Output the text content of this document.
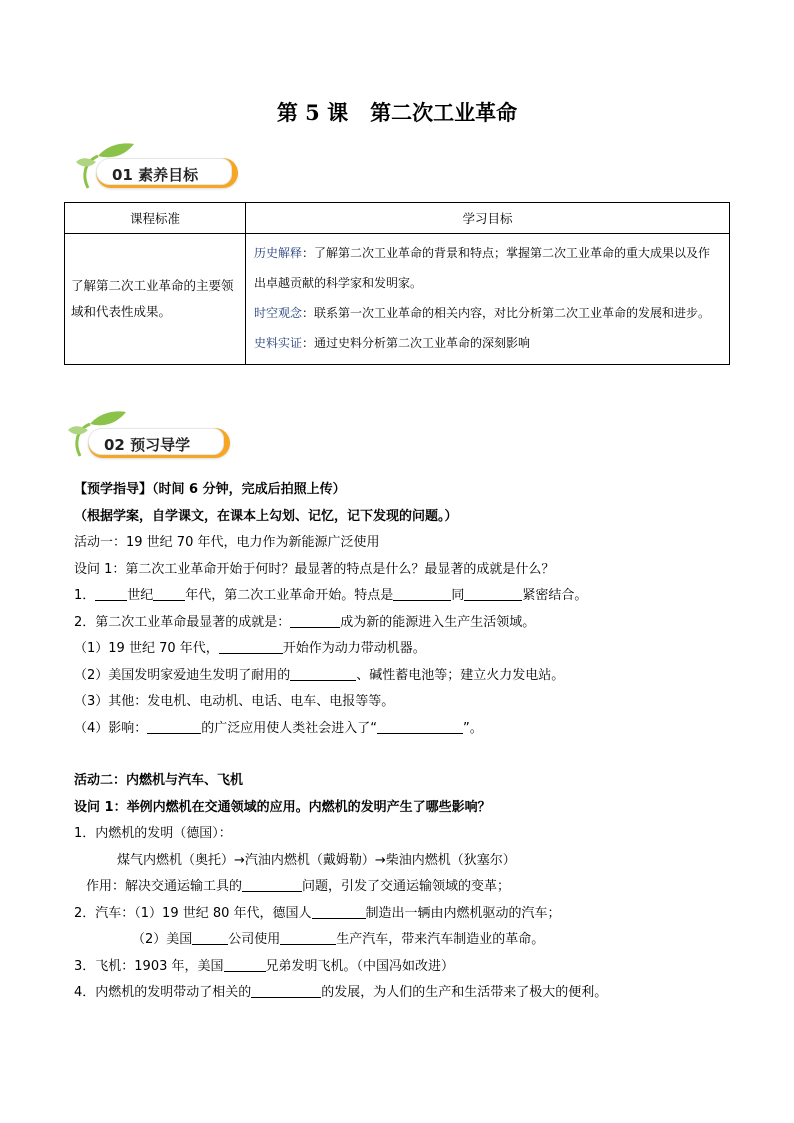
第 5 课 第二次工业革命
01 素养目标
课程标准	学习目标
了解第二次工业革命的主要领域和代表性成果。	历史解释：了解第二次工业革命的背景和特点；掌握第二次工业革命的重大成果以及作出卓越贡献的科学家和发明家。
时空观念：联系第一次工业革命的相关内容，对比分析第二次工业革命的发展和进步。
史料实证：通过史料分析第二次工业革命的深刻影响
02 预习导学
【预学指导】（时间 6 分钟，完成后拍照上传）
（根据学案，自学课文，在课本上勾划、记忆，记下发现的问题。）
活动一：19 世纪 70 年代，电力作为新能源广泛使用
设问 1：第二次工业革命开始于何时？最显著的特点是什么？最显著的成就是什么？
1． 世纪 年代，第二次工业革命开始。特点是	同	紧密结合。
2．第二次工业革命最显著的成就是：	成为新的能源进入生产生活领域。
（1）19 世纪 70 年代，	开始作为动力带动机器。
（2）美国发明家爱迪生发明了耐用的	、碱性蓄电池等；建立火力发电站。
（3）其他：发电机、电动机、电话、电车、电报等等。
（4）影响：	的广泛应用使人类社会进入了“	”。
活动二：内燃机与汽车、飞机
设问 1：举例内燃机在交通领域的应用。内燃机的发明产生了哪些影响？
1．内燃机的发明（德国）：
煤气内燃机（奥托）→汽油内燃机（戴姆勒）→柴油内燃机（狄塞尔）
作用：解决交通运输工具的	问题，引发了交通运输领域的变革；
2．汽车：（1）19 世纪 80 年代，德国人	制造出一辆由内燃机驱动的汽车；
（2）美国	公司使用	生产汽车，带来汽车制造业的革命。
3．飞机：1903 年，美国	兄弟发明飞机。（中国冯如改进）
4．内燃机的发明带动了相关的	的发展，为人们的生产和生活带来了极大的便利。
